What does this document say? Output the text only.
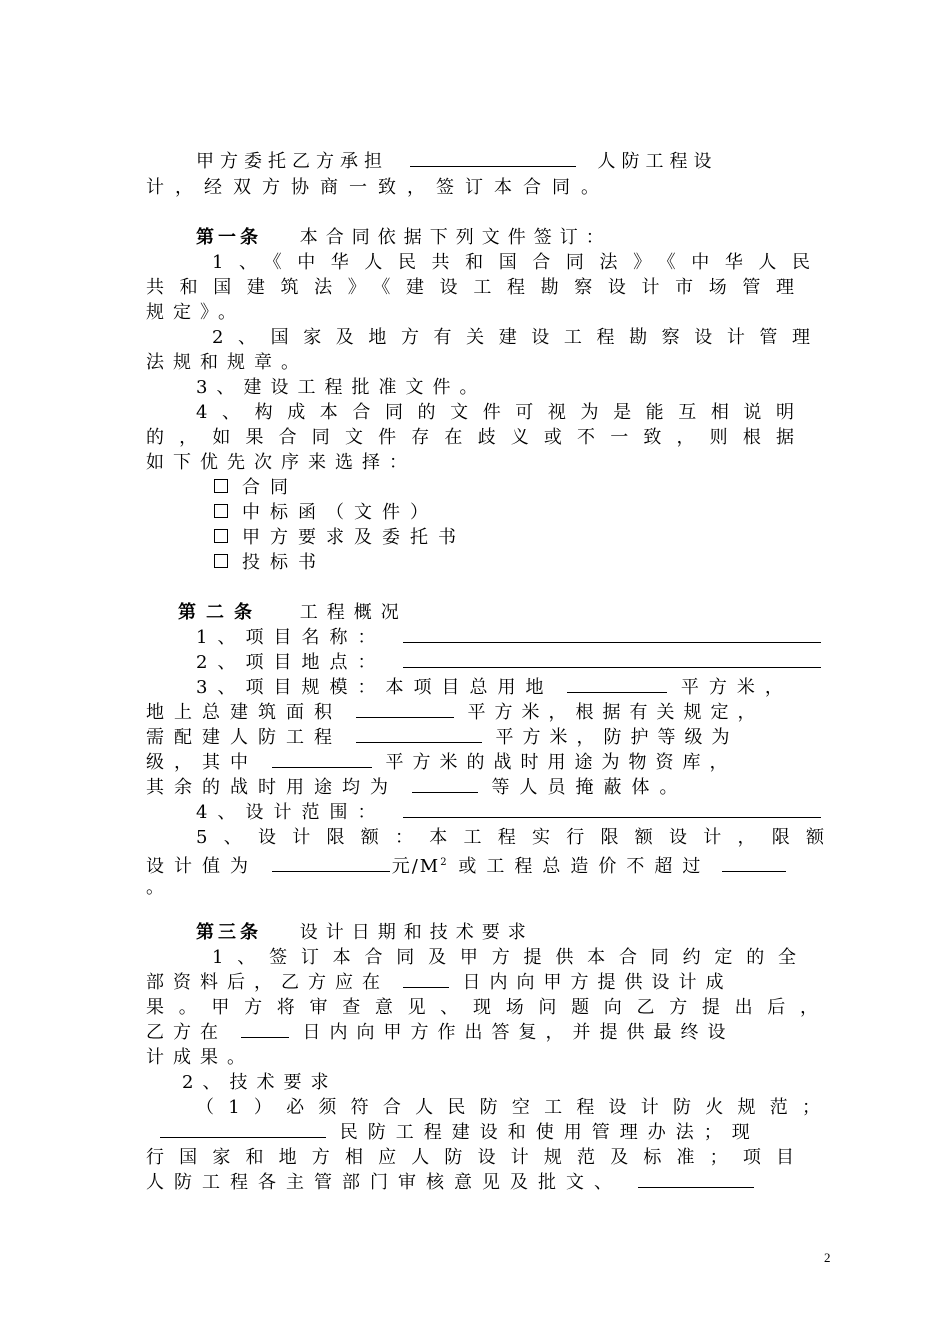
甲方委托乙方承担	人防工程设
计，经双方协商一致，签订本合同。
第一条 本合同依据下列文件签订：
1、《中华人民共和国合同法》《中华人民
共和国建筑法》《建设工程勘察设计市场管理
规定》。
2、国家及地方有关建设工程勘察设计管理
法规和规章。
3、建设工程批准文件。
4、构成本合同的文件可视为是能互相说明
的，如果合同文件存在歧义或不一致，则根据
如下优先次序来选择：
合同
中标函（文件）
甲方要求及委托书
投标书
第二条 工程概况
1、项目名称：
2、项目地点：
3、项目规模：本项目总用地	平方米，
地上总建筑面积	平方米，根据有关规定，
需配建人防工程	平方米，防护等级为
级，其中	平方米的战时用途为物资库，
其余的战时用途均为	等人员掩蔽体。
4、设计范围：
5、设计限额：本工程实行限额设计，限额
设计值为	元$/M^2$ 或工程总造价不超过
。
第三条 设计日期和技术要求
1、签订本合同及甲方提供本合同约定的全
部资料后，乙方应在	日内向甲方提供设计成
果。甲方将审查意见、现场问题向乙方提出后，
乙方在	日内向甲方作出答复，并提供最终设
计成果。
2、技术要求
（1）必须符合人民防空工程设计防火规范；
民防工程建设和使用管理办法；现
行国家和地方相应人防设计规范及标准；项目
人防工程各主管部门审核意见及批文、
2
